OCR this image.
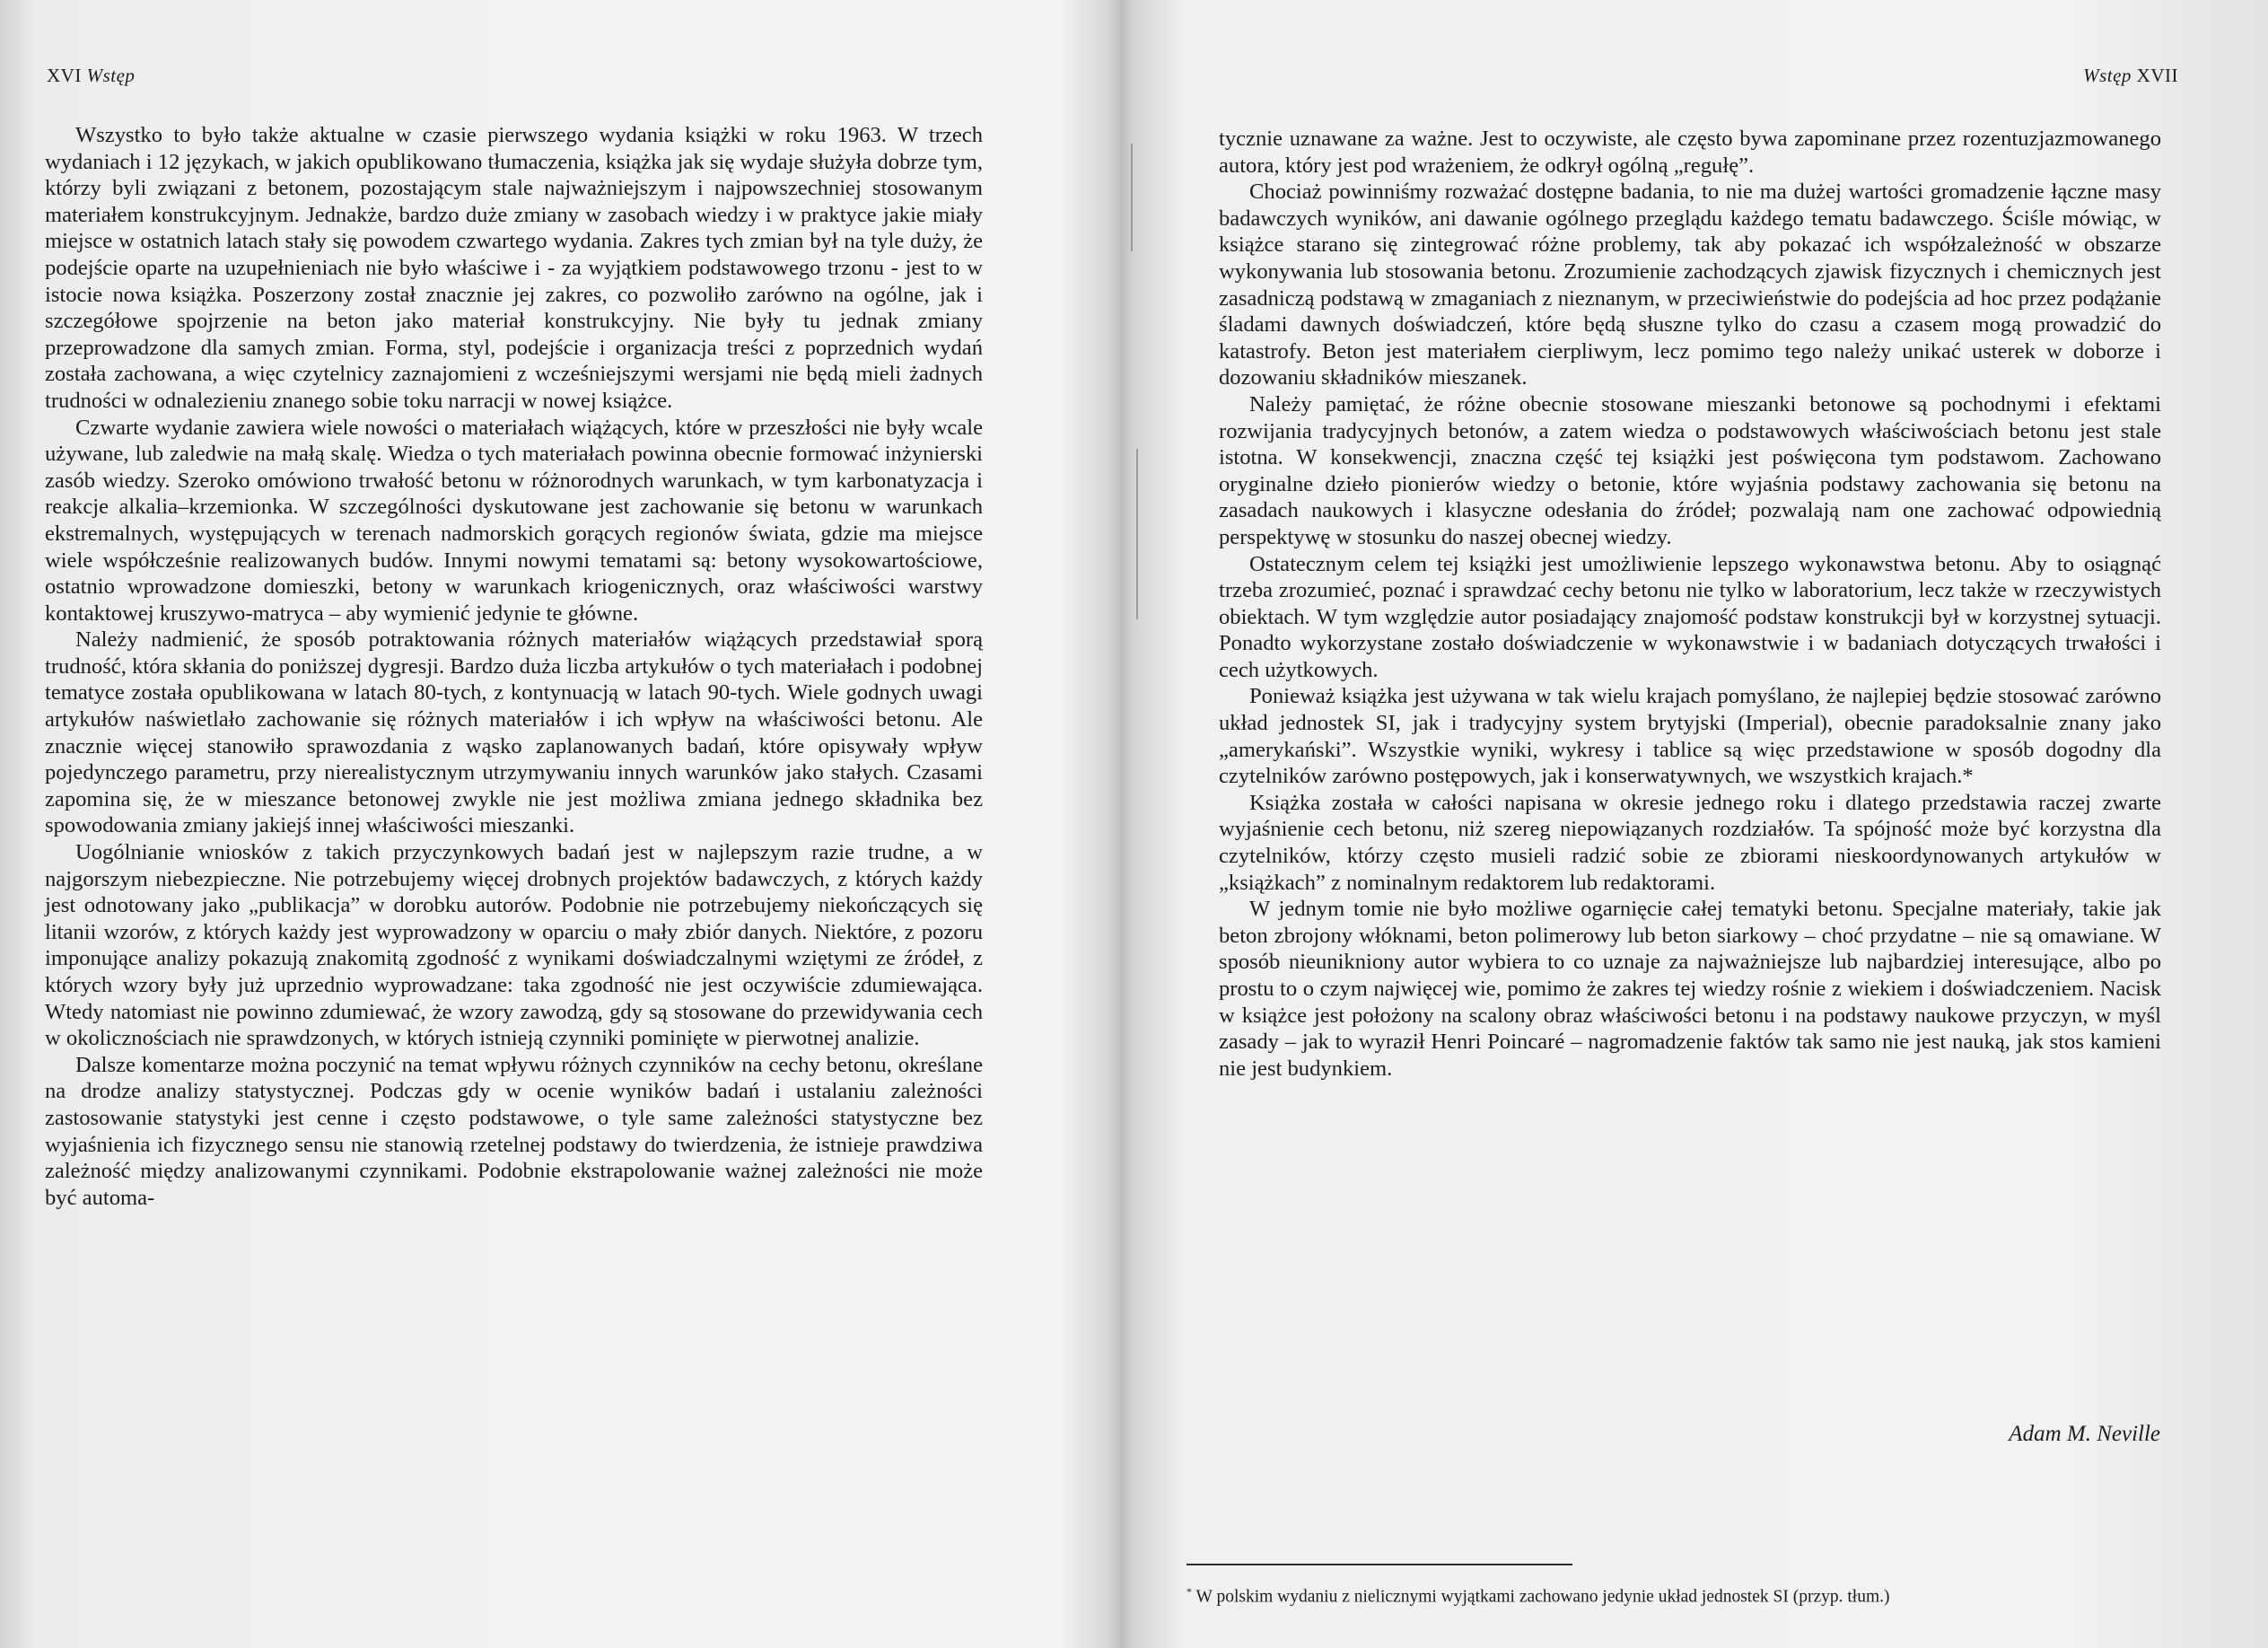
XVI Wstęp

Wszystko to było także aktualne w czasie pierwszego wydania książki w roku 1963. W trzech wydaniach i 12 językach, w jakich opublikowano tłumaczenia, książka jak się wydaje służyła dobrze tym, którzy byli związani z betonem, pozostającym stale najważniejszym i najpowszechniej stosowanym materiałem konstrukcyjnym. Jednakże, bardzo duże zmiany w zasobach wiedzy i w praktyce jakie miały miejsce w ostatnich latach stały się powodem czwartego wydania. Zakres tych zmian był na tyle duży, że podejście oparte na uzupełnieniach nie było właściwe i - za wyjątkiem podstawowego trzonu - jest to w istocie nowa książka. Poszerzony został znacznie jej zakres, co pozwoliło zarówno na ogólne, jak i szczegółowe spojrzenie na beton jako materiał konstrukcyjny. Nie były tu jednak zmiany przeprowadzone dla samych zmian. Forma, styl, podejście i organizacja treści z poprzednich wydań została zachowana, a więc czytelnicy zaznajomieni z wcześniejszymi wersjami nie będą mieli żadnych trudności w odnalezieniu znanego sobie toku narracji w nowej książce.

Czwarte wydanie zawiera wiele nowości o materiałach wiążących, które w przeszłości nie były wcale używane, lub zaledwie na małą skalę. Wiedza o tych materiałach powinna obecnie formować inżynierski zasób wiedzy. Szeroko omówiono trwałość betonu w różnorodnych warunkach, w tym karbonatyzacja i reakcje alkalia–krzemionka. W szczególności dyskutowane jest zachowanie się betonu w warunkach ekstremalnych, występujących w terenach nadmorskich gorących regionów świata, gdzie ma miejsce wiele współcześnie realizowanych budów. Innymi nowymi tematami są: betony wysokowartościowe, ostatnio wprowadzone domieszki, betony w warunkach kriogenicznych, oraz właściwości warstwy kontaktowej kruszywo-matryca – aby wymienić jedynie te główne.

Należy nadmienić, że sposób potraktowania różnych materiałów wiążących przedstawiał sporą trudność, która skłania do poniższej dygresji. Bardzo duża liczba artykułów o tych materiałach i podobnej tematyce została opublikowana w latach 80-tych, z kontynuacją w latach 90-tych. Wiele godnych uwagi artykułów naświetlało zachowanie się różnych materiałów i ich wpływ na właściwości betonu. Ale znacznie więcej stanowiło sprawozdania z wąsko zaplanowanych badań, które opisywały wpływ pojedynczego parametru, przy nierealistycznym utrzymywaniu innych warunków jako stałych. Czasami zapomina się, że w mieszance betonowej zwykle nie jest możliwa zmiana jednego składnika bez spowodowania zmiany jakiejś innej właściwości mieszanki.

Uogólnianie wniosków z takich przyczynkowych badań jest w najlepszym razie trudne, a w najgorszym niebezpieczne. Nie potrzebujemy więcej drobnych projektów badawczych, z których każdy jest odnotowany jako „publikacja” w dorobku autorów. Podobnie nie potrzebujemy niekończących się litanii wzorów, z których każdy jest wyprowadzony w oparciu o mały zbiór danych. Niektóre, z pozoru imponujące analizy pokazują znakomitą zgodność z wynikami doświadczalnymi wziętymi ze źródeł, z których wzory były już uprzednio wyprowadzane: taka zgodność nie jest oczywiście zdumiewająca. Wtedy natomiast nie powinno zdumiewać, że wzory zawodzą, gdy są stosowane do przewidywania cech w okolicznościach nie sprawdzonych, w których istnieją czynniki pominięte w pierwotnej analizie.

Dalsze komentarze można poczynić na temat wpływu różnych czynników na cechy betonu, określane na drodze analizy statystycznej. Podczas gdy w ocenie wyników badań i ustalaniu zależności zastosowanie statystyki jest cenne i często podstawowe, o tyle same zależności statystyczne bez wyjaśnienia ich fizycznego sensu nie stanowią rzetelnej podstawy do twierdzenia, że istnieje prawdziwa zależność między analizowanymi czynnikami. Podobnie ekstrapolowanie ważnej zależności nie może być automa-

Wstęp XVII

tycznie uznawane za ważne. Jest to oczywiste, ale często bywa zapominane przez rozentuzjazmowanego autora, który jest pod wrażeniem, że odkrył ogólną „regułę”.

Chociaż powinniśmy rozważać dostępne badania, to nie ma dużej wartości gromadzenie łączne masy badawczych wyników, ani dawanie ogólnego przeglądu każdego tematu badawczego. Ściśle mówiąc, w książce starano się zintegrować różne problemy, tak aby pokazać ich współzależność w obszarze wykonywania lub stosowania betonu. Zrozumienie zachodzących zjawisk fizycznych i chemicznych jest zasadniczą podstawą w zmaganiach z nieznanym, w przeciwieństwie do podejścia ad hoc przez podążanie śladami dawnych doświadczeń, które będą słuszne tylko do czasu a czasem mogą prowadzić do katastrofy. Beton jest materiałem cierpliwym, lecz pomimo tego należy unikać usterek w doborze i dozowaniu składników mieszanek.

Należy pamiętać, że różne obecnie stosowane mieszanki betonowe są pochodnymi i efektami rozwijania tradycyjnych betonów, a zatem wiedza o podstawowych właściwościach betonu jest stale istotna. W konsekwencji, znaczna część tej książki jest poświęcona tym podstawom. Zachowano oryginalne dzieło pionierów wiedzy o betonie, które wyjaśnia podstawy zachowania się betonu na zasadach naukowych i klasyczne odesłania do źródeł; pozwalają nam one zachować odpowiednią perspektywę w stosunku do naszej obecnej wiedzy.

Ostatecznym celem tej książki jest umożliwienie lepszego wykonawstwa betonu. Aby to osiągnąć trzeba zrozumieć, poznać i sprawdzać cechy betonu nie tylko w laboratorium, lecz także w rzeczywistych obiektach. W tym względzie autor posiadający znajomość podstaw konstrukcji był w korzystnej sytuacji. Ponadto wykorzystane zostało doświadczenie w wykonawstwie i w badaniach dotyczących trwałości i cech użytkowych.

Ponieważ książka jest używana w tak wielu krajach pomyślano, że najlepiej będzie stosować zarówno układ jednostek SI, jak i tradycyjny system brytyjski (Imperial), obecnie paradoksalnie znany jako „amerykański”. Wszystkie wyniki, wykresy i tablice są więc przedstawione w sposób dogodny dla czytelników zarówno postępowych, jak i konserwatywnych, we wszystkich krajach.*

Książka została w całości napisana w okresie jednego roku i dlatego przedstawia raczej zwarte wyjaśnienie cech betonu, niż szereg niepowiązanych rozdziałów. Ta spójność może być korzystna dla czytelników, którzy często musieli radzić sobie ze zbiorami nieskoordynowanych artykułów w „książkach” z nominalnym redaktorem lub redaktorami.

W jednym tomie nie było możliwe ogarnięcie całej tematyki betonu. Specjalne materiały, takie jak beton zbrojony włóknami, beton polimerowy lub beton siarkowy – choć przydatne – nie są omawiane. W sposób nieunikniony autor wybiera to co uznaje za najważniejsze lub najbardziej interesujące, albo po prostu to o czym najwięcej wie, pomimo że zakres tej wiedzy rośnie z wiekiem i doświadczeniem. Nacisk w książce jest położony na scalony obraz właściwości betonu i na podstawy naukowe przyczyn, w myśl zasady – jak to wyraził Henri Poincaré – nagromadzenie faktów tak samo nie jest nauką, jak stos kamieni nie jest budynkiem.

Adam M. Neville
* W polskim wydaniu z nielicznymi wyjątkami zachowano jedynie układ jednostek SI (przyp. tłum.)
